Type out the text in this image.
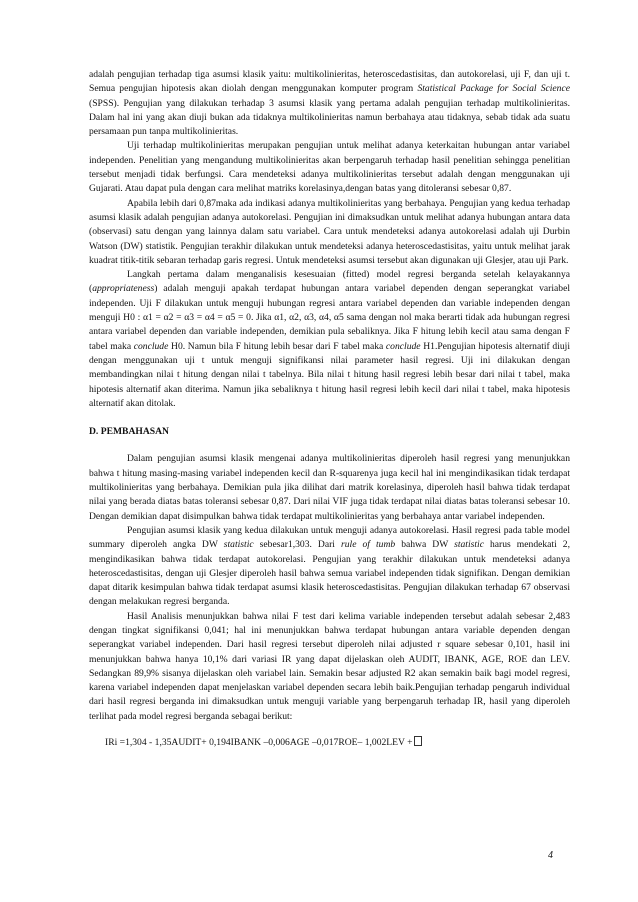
adalah pengujian terhadap tiga asumsi klasik yaitu: multikolinieritas, heteroscedastisitas, dan autokorelasi, uji F, dan uji t. Semua pengujian hipotesis akan diolah dengan menggunakan komputer program Statistical Package for Social Science (SPSS). Pengujian yang dilakukan terhadap 3 asumsi klasik yang pertama adalah pengujian terhadap multikolinieritas. Dalam hal ini yang akan diuji bukan ada tidaknya multikolinieritas namun berbahaya atau tidaknya, sebab tidak ada suatu persamaan pun tanpa multikolinieritas.

Uji terhadap multikolinieritas merupakan pengujian untuk melihat adanya keterkaitan hubungan antar variabel independen. Penelitian yang mengandung multikolinieritas akan berpengaruh terhadap hasil penelitian sehingga penelitian tersebut menjadi tidak berfungsi. Cara mendeteksi adanya multikolinieritas tersebut adalah dengan menggunakan uji Gujarati. Atau dapat pula dengan cara melihat matriks korelasinya,dengan batas yang ditoleransi sebesar 0,87.

Apabila lebih dari 0,87maka ada indikasi adanya multikolinieritas yang berbahaya. Pengujian yang kedua terhadap asumsi klasik adalah pengujian adanya autokorelasi. Pengujian ini dimaksudkan untuk melihat adanya hubungan antara data (observasi) satu dengan yang lainnya dalam satu variabel. Cara untuk mendeteksi adanya autokorelasi adalah uji Durbin Watson (DW) statistik. Pengujian terakhir dilakukan untuk mendeteksi adanya heteroscedastisitas, yaitu untuk melihat jarak kuadrat titik-titik sebaran terhadap garis regresi. Untuk mendeteksi asumsi tersebut akan digunakan uji Glesjer, atau uji Park.

Langkah pertama dalam menganalisis kesesuaian (fitted) model regresi berganda setelah kelayakannya (appropriateness) adalah menguji apakah terdapat hubungan antara variabel dependen dengan seperangkat variabel independen. Uji F dilakukan untuk menguji hubungan regresi antara variabel dependen dan variable independen dengan menguji H0 : α1 = α2 = α3 = α4 = α5 = 0. Jika α1, α2, α3, α4, α5 sama dengan nol maka berarti tidak ada hubungan regresi antara variabel dependen dan variable independen, demikian pula sebaliknya. Jika F hitung lebih kecil atau sama dengan F tabel maka conclude H0. Namun bila F hitung lebih besar dari F tabel maka conclude H1.Pengujian hipotesis alternatif diuji dengan menggunakan uji t untuk menguji signifikansi nilai parameter hasil regresi. Uji ini dilakukan dengan membandingkan nilai t hitung dengan nilai t tabelnya. Bila nilai t hitung hasil regresi lebih besar dari nilai t tabel, maka hipotesis alternatif akan diterima. Namun jika sebaliknya t hitung hasil regresi lebih kecil dari nilai t tabel, maka hipotesis alternatif akan ditolak.

D. PEMBAHASAN

Dalam pengujian asumsi klasik mengenai adanya multikolinieritas diperoleh hasil regresi yang menunjukkan bahwa t hitung masing-masing variabel independen kecil dan R-squarenya juga kecil hal ini mengindikasikan tidak terdapat multikolinieritas yang berbahaya. Demikian pula jika dilihat dari matrik korelasinya, diperoleh hasil bahwa tidak terdapat nilai yang berada diatas batas toleransi sebesar 0,87. Dari nilai VIF juga tidak terdapat nilai diatas batas toleransi sebesar 10. Dengan demikian dapat disimpulkan bahwa tidak terdapat multikolinieritas yang berbahaya antar variabel independen.

Pengujian asumsi klasik yang kedua dilakukan untuk menguji adanya autokorelasi. Hasil regresi pada table model summary diperoleh angka DW statistic sebesar1,303. Dari rule of tumb bahwa DW statistic harus mendekati 2, mengindikasikan bahwa tidak terdapat autokorelasi. Pengujian yang terakhir dilakukan untuk mendeteksi adanya heteroscedastisitas, dengan uji Glesjer diperoleh hasil bahwa semua variabel independen tidak signifikan. Dengan demikian dapat ditarik kesimpulan bahwa tidak terdapat asumsi klasik heteroscedastisitas. Pengujian dilakukan terhadap 67 observasi dengan melakukan regresi berganda.

Hasil Analisis menunjukkan bahwa nilai F test dari kelima variable independen tersebut adalah sebesar 2,483 dengan tingkat signifikansi 0,041; hal ini menunjukkan bahwa terdapat hubungan antara variable dependen dengan seperangkat variabel independen. Dari hasil regresi tersebut diperoleh nilai adjusted r square sebesar 0,101, hasil ini menunjukkan bahwa hanya 10,1% dari variasi IR yang dapat dijelaskan oleh AUDIT, IBANK, AGE, ROE dan LEV. Sedangkan 89,9% sisanya dijelaskan oleh variabel lain. Semakin besar adjusted R2 akan semakin baik bagi model regresi, karena variabel independen dapat menjelaskan variabel dependen secara lebih baik.Pengujian terhadap pengaruh individual dari hasil regresi berganda ini dimaksudkan untuk menguji variable yang berpengaruh terhadap IR, hasil yang diperoleh terlihat pada model regresi berganda sebagai berikut:

IRi =1,304 - 1,35AUDIT+ 0,194IBANK –0,006AGE –0,017ROE– 1,002LEV +

4
